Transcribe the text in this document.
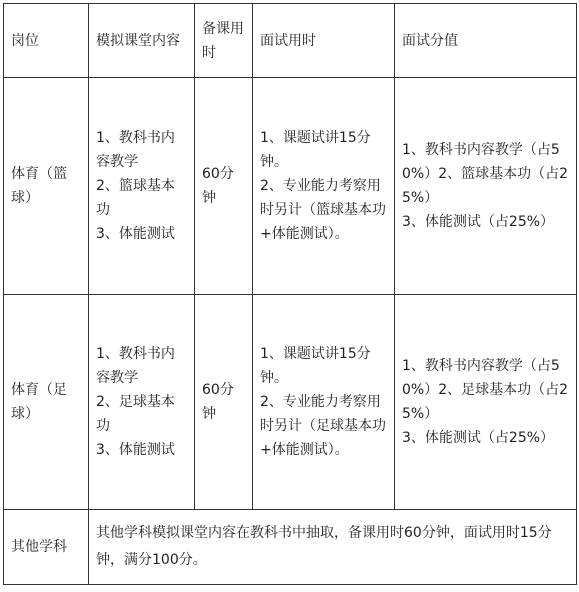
岗位	模拟课堂内容	备课用时	面试用时	面试分值
体育（篮球）	1、教科书内容教学
2、篮球基本功
3、体能测试	60分钟	1、课题试讲15分钟。
2、专业能力考察用时另计（篮球基本功+体能测试）。	1、教科书内容教学（占50%）2、篮球基本功（占25%）
3、体能测试（占25%）

体育（足球）	1、教科书内容教学
2、足球基本功
3、体能测试	60分钟	1、课题试讲15分钟。
2、专业能力考察用时另计（足球基本功+体能测试）。	1、教科书内容教学（占50%）2、足球基本功（占25%）
3、体能测试（占25%）

其他学科	其他学科模拟课堂内容在教科书中抽取，备课用时60分钟，面试用时15分钟，满分100分。			
